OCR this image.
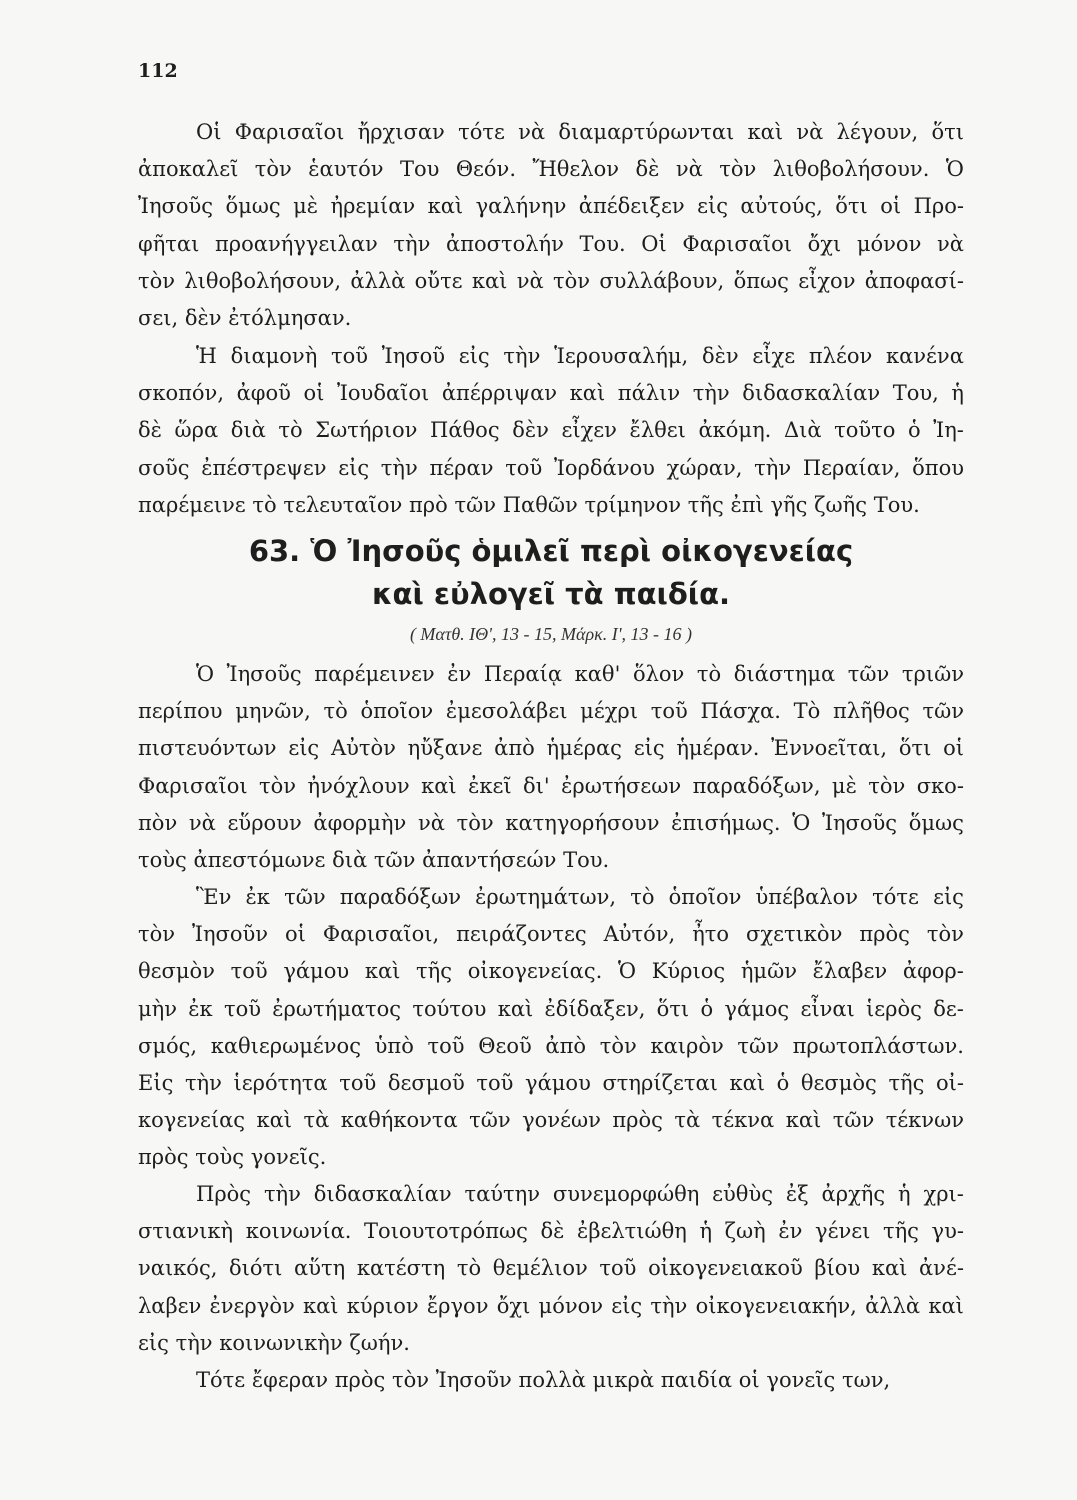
112
Οἱ Φαρισαῖοι ἤρχισαν τότε νὰ διαμαρτύρωνται καὶ νὰ λέγουν, ὅτι
ἀποκαλεῖ τὸν ἑαυτόν Του Θεόν. Ἤθελον δὲ νὰ τὸν λιθοβολήσουν. Ὁ
Ἰησοῦς ὅμως μὲ ἠρεμίαν καὶ γαλήνην ἀπέδειξεν εἰς αὐτούς, ὅτι οἱ Προ-
φῆται προανήγγειλαν τὴν ἀποστολήν Του. Οἱ Φαρισαῖοι ὄχι μόνον νὰ
τὸν λιθοβολήσουν, ἀλλὰ οὔτε καὶ νὰ τὸν συλλάβουν, ὅπως εἶχον ἀποφασί-
σει, δὲν ἐτόλμησαν.
Ἡ διαμονὴ τοῦ Ἰησοῦ εἰς τὴν Ἱερουσαλήμ, δὲν εἶχε πλέον κανένα
σκοπόν, ἀφοῦ οἱ Ἰουδαῖοι ἀπέρριψαν καὶ πάλιν τὴν διδασκαλίαν Του, ἡ
δὲ ὥρα διὰ τὸ Σωτήριον Πάθος δὲν εἶχεν ἔλθει ἀκόμη. Διὰ τοῦτο ὁ Ἰη-
σοῦς ἐπέστρεψεν εἰς τὴν πέραν τοῦ Ἰορδάνου χώραν, τὴν Περαίαν, ὅπου
παρέμεινε τὸ τελευταῖον πρὸ τῶν Παθῶν τρίμηνον τῆς ἐπὶ γῆς ζωῆς Του.
63. Ὁ Ἰησοῦς ὁμιλεῖ περὶ οἰκογενείας
καὶ εὐλογεῖ τὰ παιδία.
( Ματθ. ΙΘ', 13 - 15, Μάρκ. Ι', 13 - 16 )
Ὁ Ἰησοῦς παρέμεινεν ἐν Περαίᾳ καθ' ὅλον τὸ διάστημα τῶν τριῶν
περίπου μηνῶν, τὸ ὁποῖον ἐμεσολάβει μέχρι τοῦ Πάσχα. Τὸ πλῆθος τῶν
πιστευόντων εἰς Αὐτὸν ηὔξανε ἀπὸ ἡμέρας εἰς ἡμέραν. Ἐννοεῖται, ὅτι οἱ
Φαρισαῖοι τὸν ἠνόχλουν καὶ ἐκεῖ δι' ἐρωτήσεων παραδόξων, μὲ τὸν σκο-
πὸν νὰ εὕρουν ἀφορμὴν νὰ τὸν κατηγορήσουν ἐπισήμως. Ὁ Ἰησοῦς ὅμως
τοὺς ἀπεστόμωνε διὰ τῶν ἀπαντήσεών Του.
Ἓν ἐκ τῶν παραδόξων ἐρωτημάτων, τὸ ὁποῖον ὑπέβαλον τότε εἰς
τὸν Ἰησοῦν οἱ Φαρισαῖοι, πειράζοντες Αὐτόν, ἦτο σχετικὸν πρὸς τὸν
θεσμὸν τοῦ γάμου καὶ τῆς οἰκογενείας. Ὁ Κύριος ἡμῶν ἔλαβεν ἀφορ-
μὴν ἐκ τοῦ ἐρωτήματος τούτου καὶ ἐδίδαξεν, ὅτι ὁ γάμος εἶναι ἱερὸς δε-
σμός, καθιερωμένος ὑπὸ τοῦ Θεοῦ ἀπὸ τὸν καιρὸν τῶν πρωτοπλάστων.
Εἰς τὴν ἱερότητα τοῦ δεσμοῦ τοῦ γάμου στηρίζεται καὶ ὁ θεσμὸς τῆς οἰ-
κογενείας καὶ τὰ καθήκοντα τῶν γονέων πρὸς τὰ τέκνα καὶ τῶν τέκνων
πρὸς τοὺς γονεῖς.
Πρὸς τὴν διδασκαλίαν ταύτην συνεμορφώθη εὐθὺς ἐξ ἀρχῆς ἡ χρι-
στιανικὴ κοινωνία. Τοιουτοτρόπως δὲ ἐβελτιώθη ἡ ζωὴ ἐν γένει τῆς γυ-
ναικός, διότι αὕτη κατέστη τὸ θεμέλιον τοῦ οἰκογενειακοῦ βίου καὶ ἀνέ-
λαβεν ἐνεργὸν καὶ κύριον ἔργον ὄχι μόνον εἰς τὴν οἰκογενειακήν, ἀλλὰ καὶ
εἰς τὴν κοινωνικὴν ζωήν.
Τότε ἔφεραν πρὸς τὸν Ἰησοῦν πολλὰ μικρὰ παιδία οἱ γονεῖς των,
